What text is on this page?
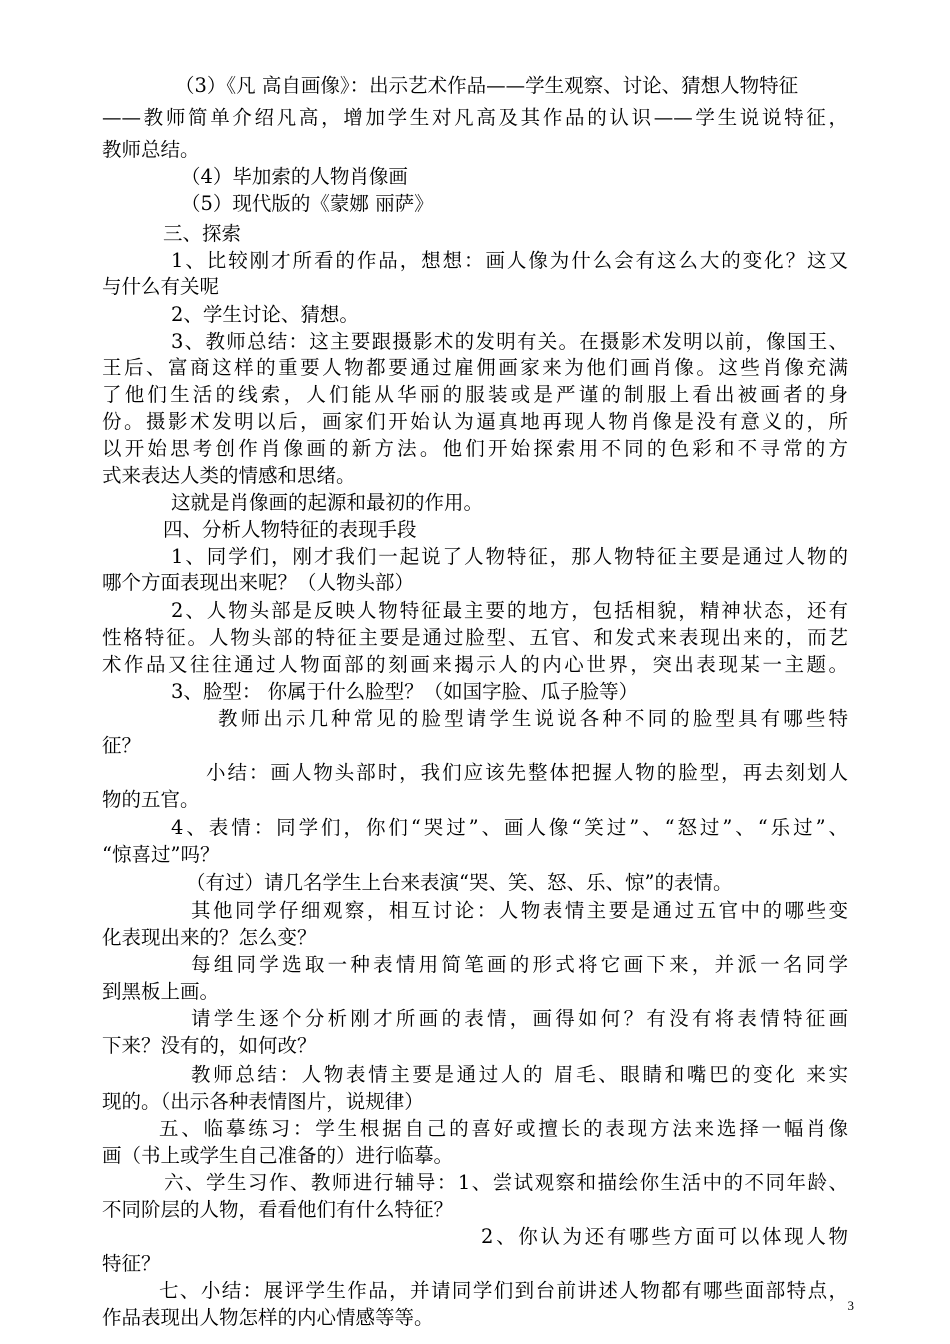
（3）《凡 高自画像》：出示艺术作品——学生观察、讨论、猜想人物特征
——教师简单介绍凡高，增加学生对凡高及其作品的认识——学生说说特征，
教师总结。
（4）毕加索的人物肖像画
（5）现代版的《蒙娜 丽萨》
三、探索
1、比较刚才所看的作品，想想：画人像为什么会有这么大的变化？这又
与什么有关呢
2、学生讨论、猜想。
3、教师总结：这主要跟摄影术的发明有关。在摄影术发明以前，像国王、
王后、富商这样的重要人物都要通过雇佣画家来为他们画肖像。这些肖像充满
了他们生活的线索，人们能从华丽的服装或是严谨的制服上看出被画者的身
份。摄影术发明以后，画家们开始认为逼真地再现人物肖像是没有意义的，所
以开始思考创作肖像画的新方法。他们开始探索用不同的色彩和不寻常的方
式来表达人类的情感和思绪。
这就是肖像画的起源和最初的作用。
四、分析人物特征的表现手段
1、同学们，刚才我们一起说了人物特征，那人物特征主要是通过人物的
哪个方面表现出来呢？（人物头部）
2、人物头部是反映人物特征最主要的地方，包括相貌，精神状态，还有
性格特征。人物头部的特征主要是通过脸型、五官、和发式来表现出来的，而艺
术作品又往往通过人物面部的刻画来揭示人的内心世界，突出表现某一主题。
3、脸型： 你属于什么脸型？（如国字脸、瓜子脸等）
教师出示几种常见的脸型请学生说说各种不同的脸型具有哪些特
征？
小结：画人物头部时，我们应该先整体把握人物的脸型，再去刻划人
物的五官。
4、表情：同学们，你们“哭过”、画人像“笑过”、“怒过”、“乐过”、
“惊喜过”吗？
（有过）请几名学生上台来表演“哭、笑、怒、乐、惊”的表情。
其他同学仔细观察，相互讨论：人物表情主要是通过五官中的哪些变
化表现出来的？怎么变？
每组同学选取一种表情用简笔画的形式将它画下来，并派一名同学
到黑板上画。
请学生逐个分析刚才所画的表情，画得如何？有没有将表情特征画
下来？没有的，如何改？
教师总结：人物表情主要是通过人的 眉毛、眼睛和嘴巴的变化 来实
现的。（出示各种表情图片，说规律）
五、临摹练习：学生根据自己的喜好或擅长的表现方法来选择一幅肖像
画（书上或学生自己准备的）进行临摹。
六、学生习作、教师进行辅导：1、尝试观察和描绘你生活中的不同年龄、
不同阶层的人物，看看他们有什么特征？
2、你认为还有哪些方面可以体现人物
特征？
七、小结：展评学生作品，并请同学们到台前讲述人物都有哪些面部特点，
作品表现出人物怎样的内心情感等等。
3
